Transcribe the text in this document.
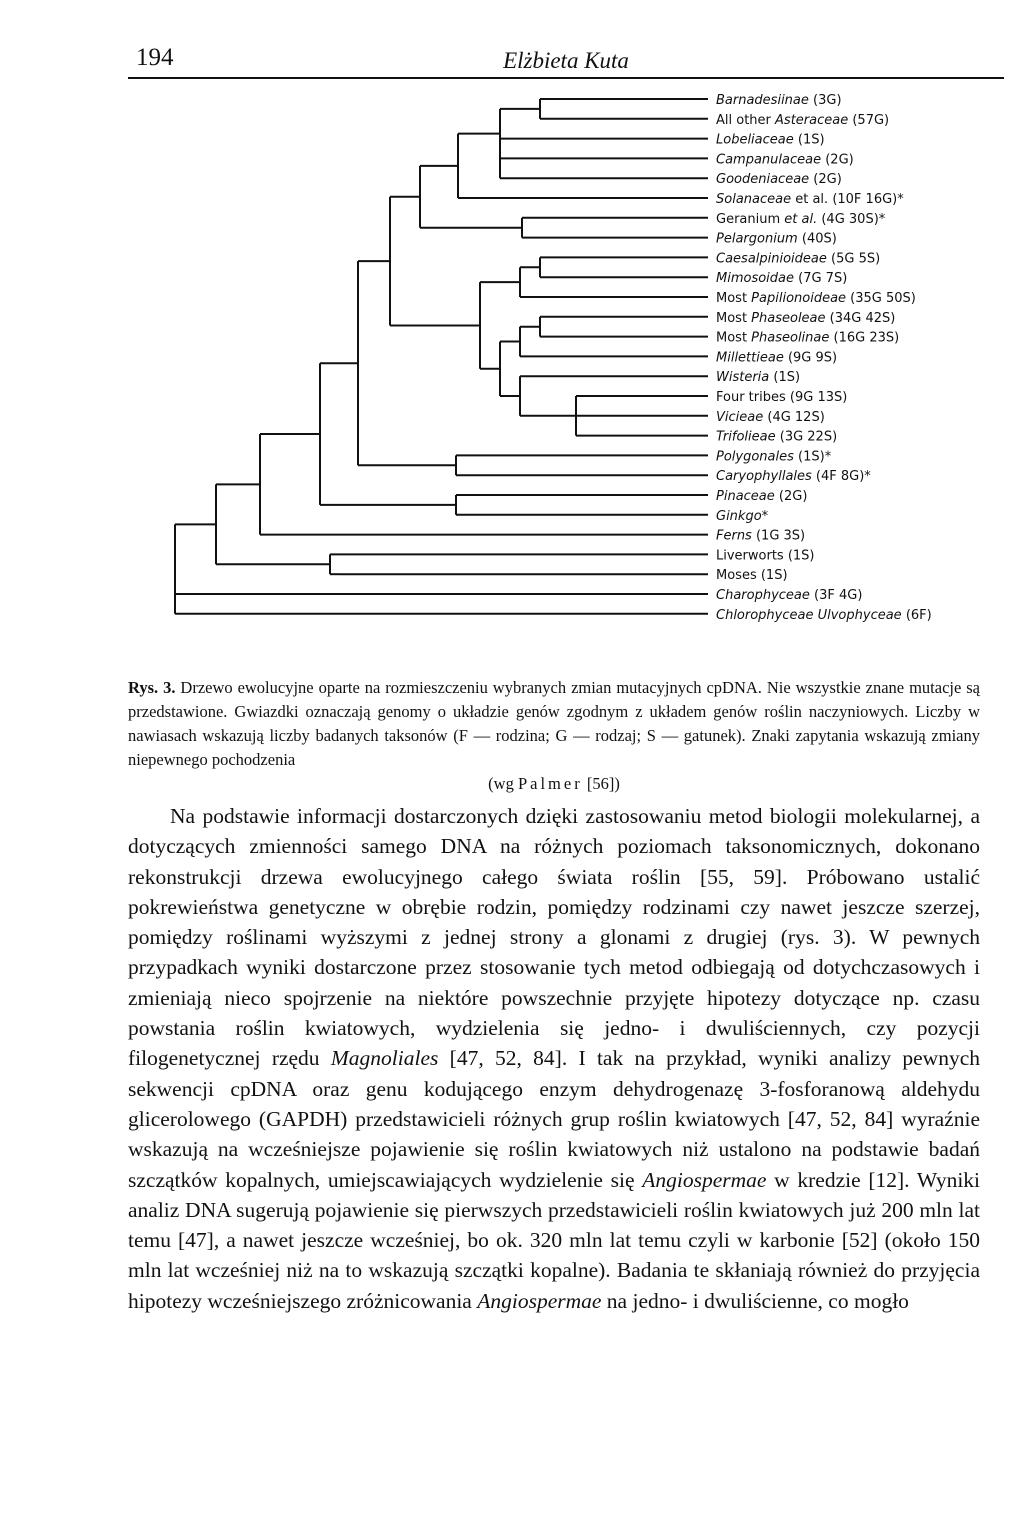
194	Elżbieta Kuta
Barnadesiinae (3G)
All other Asteraceae (57G)
Lobeliaceae (1S)
Campanulaceae (2G)
Goodeniaceae (2G)
Solanaceae et al. (10F 16G)*
Geranium et al. (4G 30S)*
Pelargonium (40S)
Caesalpinioideae (5G 5S)
Mimosoidae (7G 7S)
Most Papilionoideae (35G 50S)
Most Phaseoleae (34G 42S)
Most Phaseolinae (16G 23S)
Millettieae (9G 9S)
Wisteria (1S)
Four tribes (9G 13S)
Vicieae (4G 12S)
Trifolieae (3G 22S)
Polygonales (1S)*
Caryophyllales (4F 8G)*
Pinaceae (2G)
Ginkgo*
Ferns (1G 3S)
Liverworts (1S)
Moses (1S)
Charophyceae (3F 4G)
Chlorophyceae Ulvophyceae (6F)
Rys. 3. Drzewo ewolucyjne oparte na rozmieszczeniu wybranych zmian mutacyjnych cpDNA. Nie wszystkie znane mutacje są przedstawione. Gwiazdki oznaczają genomy o układzie genów zgodnym z układem genów roślin naczyniowych. Liczby w nawiasach wskazują liczby badanych taksonów (F — rodzina; G — rodzaj; S — gatunek). Znaki zapytania wskazują zmiany niepewnego pochodzenia
(wg Palmer [56])

Na podstawie informacji dostarczonych dzięki zastosowaniu metod biologii molekularnej, a dotyczących zmienności samego DNA na różnych poziomach taksonomicznych, dokonano rekonstrukcji drzewa ewolucyjnego całego świata roślin [55, 59]. Próbowano ustalić pokrewieństwa genetyczne w obrębie rodzin, pomiędzy rodzinami czy nawet jeszcze szerzej, pomiędzy roślinami wyższymi z jednej strony a glonami z drugiej (rys. 3). W pewnych przypadkach wyniki dostarczone przez stosowanie tych metod odbiegają od dotychczasowych i zmieniają nieco spojrzenie na niektóre powszechnie przyjęte hipotezy dotyczące np. czasu powstania roślin kwiatowych, wydzielenia się jedno- i dwuliściennych, czy pozycji filogenetycznej rzędu Magnoliales [47, 52, 84]. I tak na przykład, wyniki analizy pewnych sekwencji cpDNA oraz genu kodującego enzym dehydrogenazę 3-fosforanową aldehydu glicerolowego (GAPDH) przedstawicieli różnych grup roślin kwiatowych [47, 52, 84] wyraźnie wskazują na wcześniejsze pojawienie się roślin kwiatowych niż ustalono na podstawie badań szczątków kopalnych, umiejscawiających wydzielenie się Angiospermae w kredzie [12]. Wyniki analiz DNA sugerują pojawienie się pierwszych przedstawicieli roślin kwiatowych już 200 mln lat temu [47], a nawet jeszcze wcześniej, bo ok. 320 mln lat temu czyli w karbonie [52] (około 150 mln lat wcześniej niż na to wskazują szczątki kopalne). Badania te skłaniają również do przyjęcia hipotezy wcześniejszego zróżnicowania Angiospermae na jedno- i dwuliścienne, co mogło
